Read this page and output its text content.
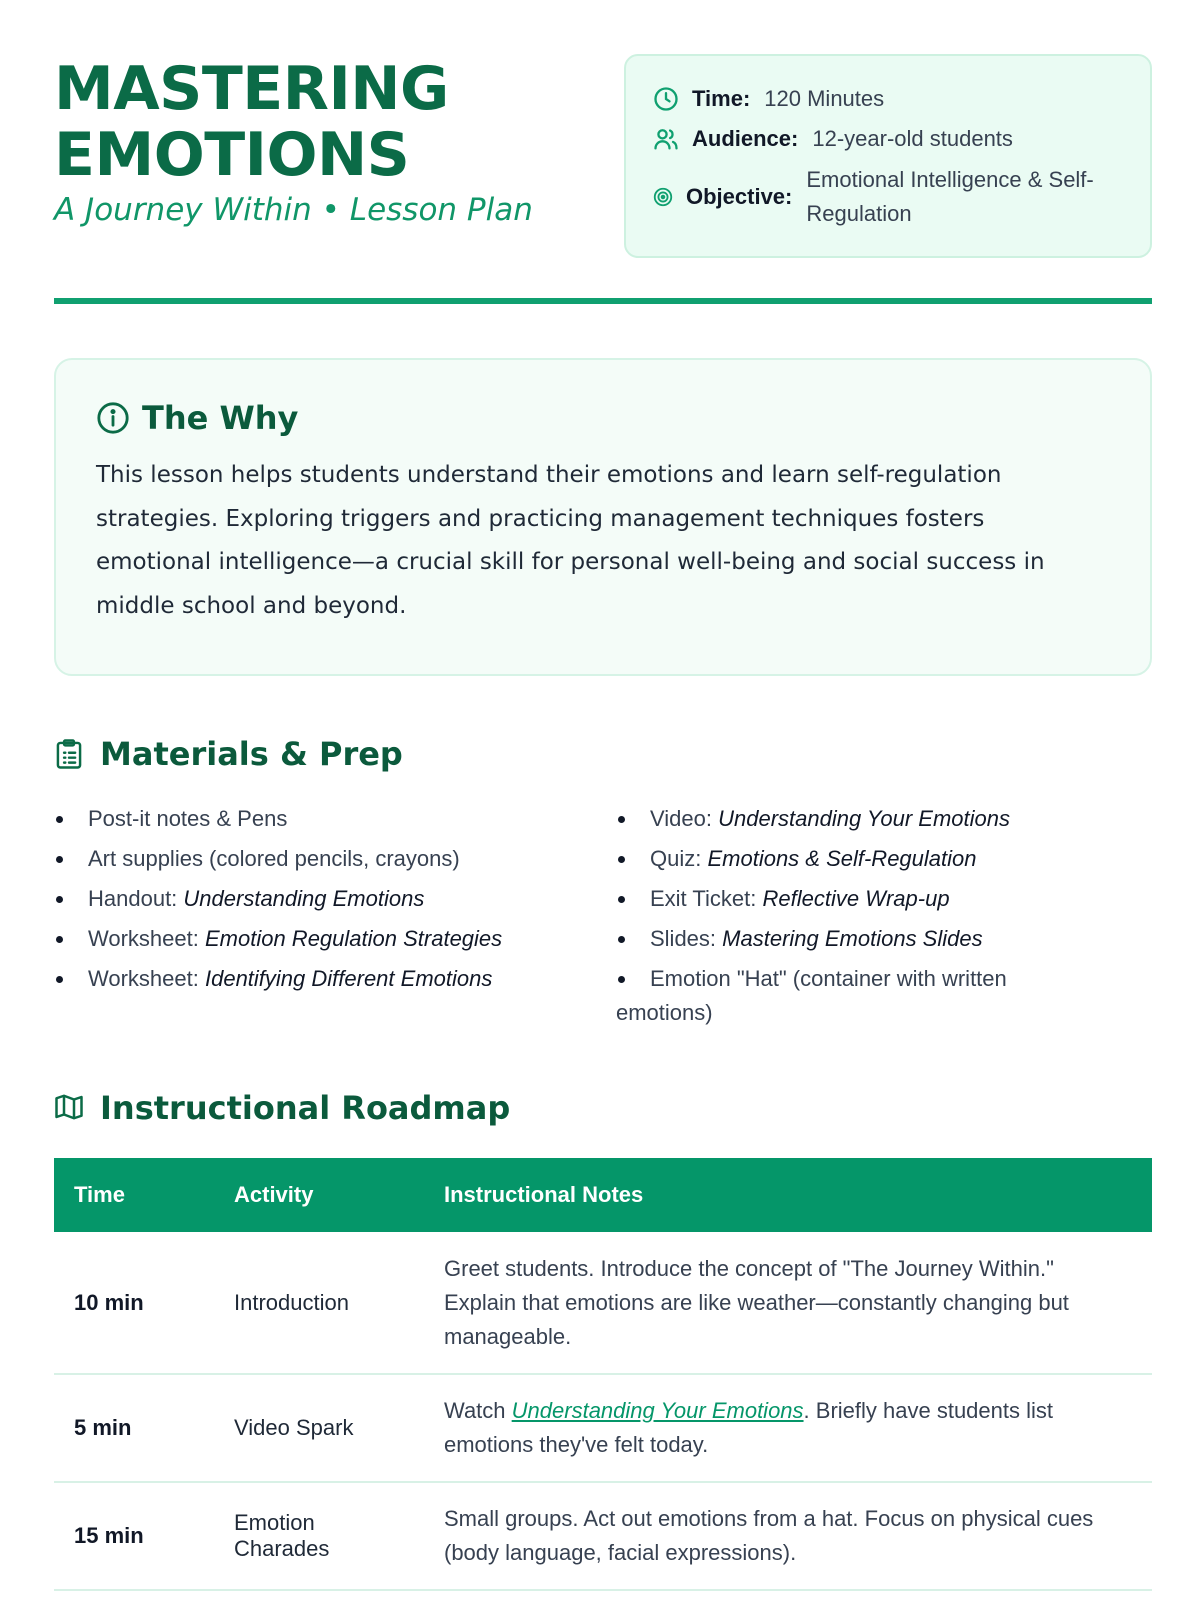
MASTERING
EMOTIONS
A Journey Within • Lesson Plan
Time: 120 Minutes
Audience: 12-year-old students
Objective:
Emotional Intelligence & Self-Regulation
The Why

This lesson helps students understand their emotions and learn self-regulation strategies. Exploring triggers and practicing management techniques fosters emotional intelligence—a crucial skill for personal well-being and social success in middle school and beyond.

Materials & Prep
Post-it notes & Pens
Art supplies (colored pencils, crayons)
Handout: Understanding Emotions
Worksheet: Emotion Regulation Strategies
Worksheet: Identifying Different Emotions
Video: Understanding Your Emotions
Quiz: Emotions & Self-Regulation
Exit Ticket: Reflective Wrap-up
Slides: Mastering Emotions Slides
Emotion "Hat" (container with written emotions)
Instructional Roadmap
Time	Activity	Instructional Notes
10 min	Introduction	Greet students. Introduce the concept of "The Journey Within." Explain that emotions are like weather—constantly changing but manageable.
5 min	Video Spark	Watch Understanding Your Emotions. Briefly have students list emotions they've felt today.
15 min	Emotion Charades	Small groups. Act out emotions from a hat. Focus on physical cues (body language, facial expressions).
